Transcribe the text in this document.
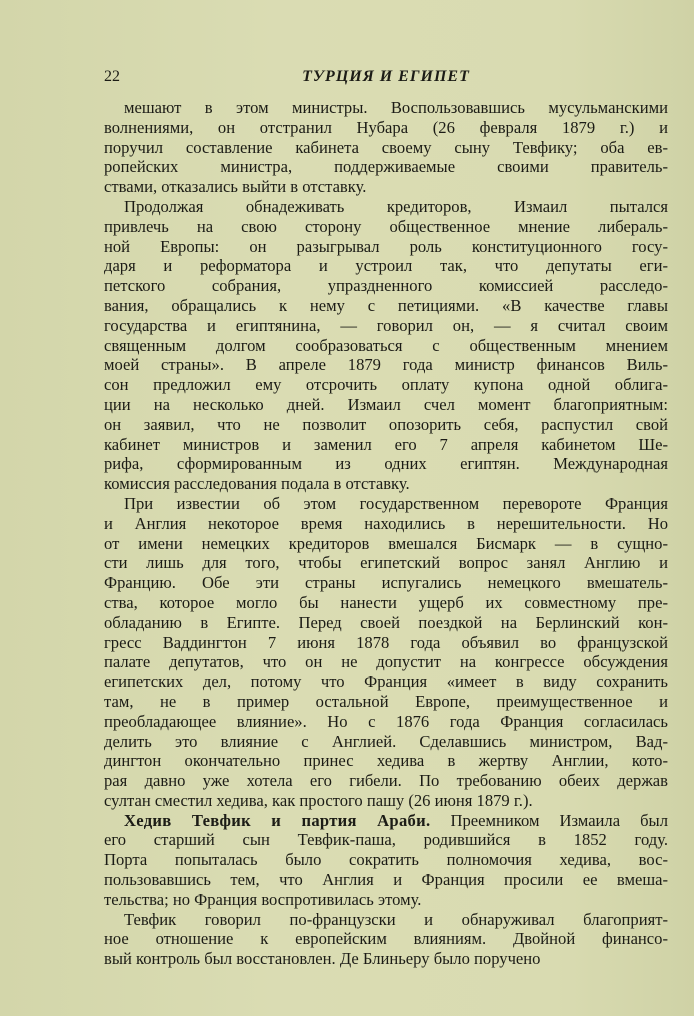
22	ТУРЦИЯ И ЕГИПЕТ
мешают в этом министры. Воспользовавшись мусульманскими
волнениями, он отстранил Нубара (26 февраля 1879 г.) и
поручил составление кабинета своему сыну Тевфику; оба ев-
ропейских министра, поддерживаемые своими правитель-
ствами, отказались выйти в отставку.
Продолжая обнадеживать кредиторов, Измаил пытался
привлечь на свою сторону общественное мнение либераль-
ной Европы: он разыгрывал роль конституционного госу-
даря и реформатора и устроил так, что депутаты еги-
петского собрания, упраздненного комиссией расследо-
вания, обращались к нему с петициями. «В качестве главы
государства и египтянина, — говорил он, — я считал своим
священным долгом сообразоваться с общественным мнением
моей страны». В апреле 1879 года министр финансов Виль-
сон предложил ему отсрочить оплату купона одной облига-
ции на несколько дней. Измаил счел момент благоприятным:
он заявил, что не позволит опозорить себя, распустил свой
кабинет министров и заменил его 7 апреля кабинетом Ше-
рифа, сформированным из одних египтян. Международная
комиссия расследования подала в отставку.
При известии об этом государственном перевороте Франция
и Англия некоторое время находились в нерешительности. Но
от имени немецких кредиторов вмешался Бисмарк — в сущно-
сти лишь для того, чтобы египетский вопрос занял Англию и
Францию. Обе эти страны испугались немецкого вмешатель-
ства, которое могло бы нанести ущерб их совместному пре-
обладанию в Египте. Перед своей поездкой на Берлинский кон-
гресс Ваддингтон 7 июня 1878 года объявил во французской
палате депутатов, что он не допустит на конгрессе обсуждения
египетских дел, потому что Франция «имеет в виду сохранить
там, не в пример остальной Европе, преимущественное и
преобладающее влияние». Но с 1876 года Франция согласилась
делить это влияние с Англией. Сделавшись министром, Вад-
дингтон окончательно принес хедива в жертву Англии, кото-
рая давно уже хотела его гибели. По требованию обеих держав
султан сместил хедива, как простого пашу (26 июня 1879 г.).
Хедив Тевфик и партия Араби. Преемником Измаила был
его старший сын Тевфик-паша, родившийся в 1852 году.
Порта попыталась было сократить полномочия хедива, вос-
пользовавшись тем, что Англия и Франция просили ее вмеша-
тельства; но Франция воспротивилась этому.
Тевфик говорил по-французски и обнаруживал благоприят-
ное отношение к европейским влияниям. Двойной финансо-
вый контроль был восстановлен. Де Блиньеру было поручено
